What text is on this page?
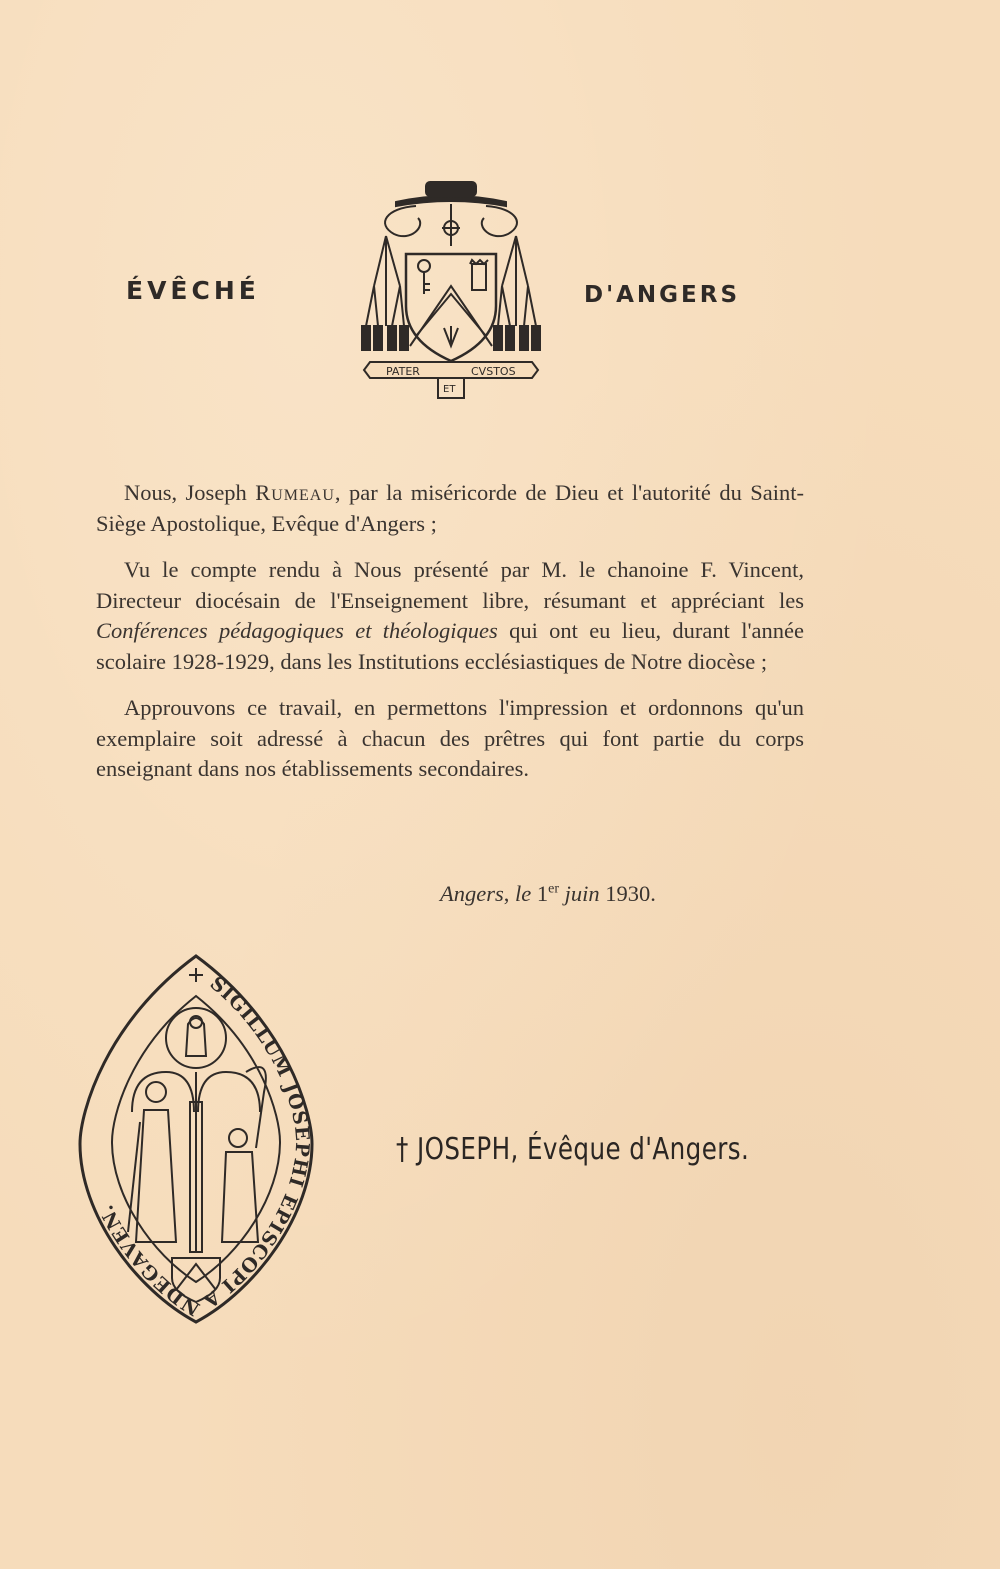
ÉVÊCHÉ
PATER
ET
CVSTOS
D'ANGERS

Nous, Joseph Rumeau, par la miséricorde de Dieu et l'autorité du Saint-Siège Apostolique, Evêque d'Angers ;

Vu le compte rendu à Nous présenté par M. le chanoine F. Vincent, Directeur diocésain de l'Enseignement libre, résumant et appréciant les Conférences pédagogiques et théologiques qui ont eu lieu, durant l'année scolaire 1928-1929, dans les Institutions ecclésiastiques de Notre diocèse ;

Approuvons ce travail, en permettons l'impression et ordonnons qu'un exemplaire soit adressé à chacun des prêtres qui font partie du corps enseignant dans nos établissements secondaires.

Angers, le 1er juin 1930.
SIGILLUM JOSEPHI EPISCOPI ANDEGAVEN.
† JOSEPH, Évêque d'Angers.
